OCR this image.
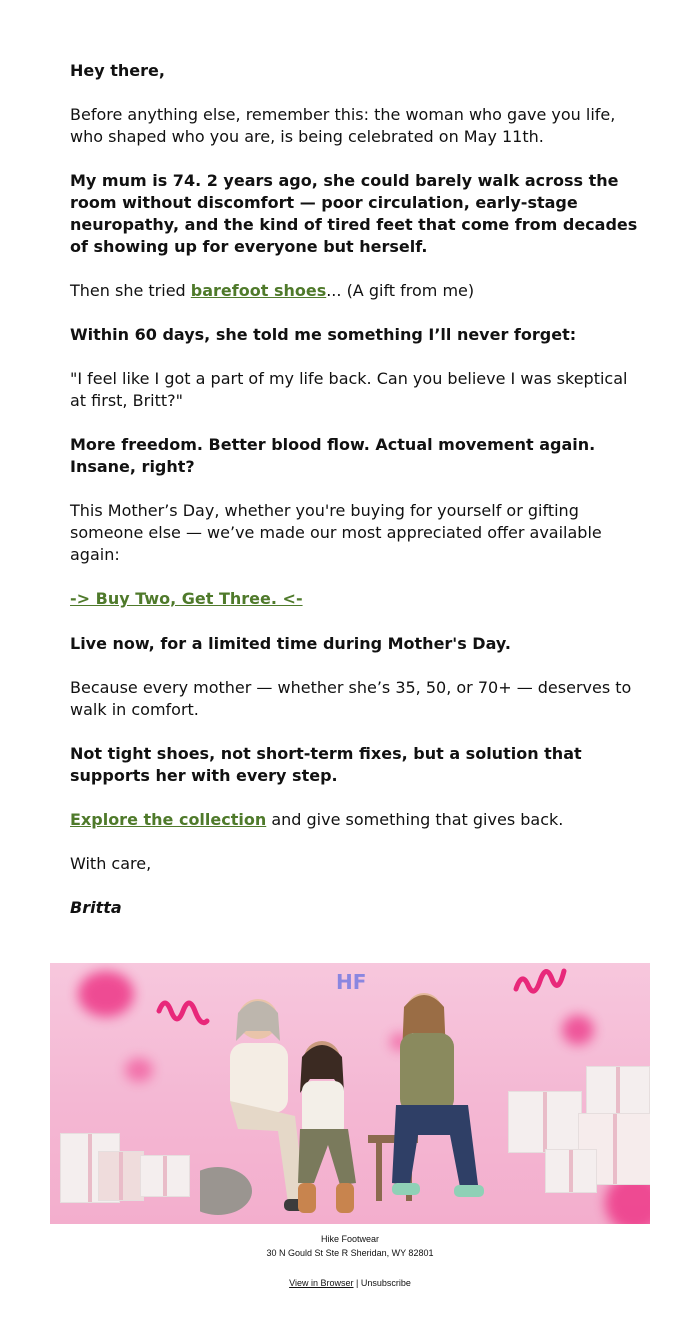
Hey there,

Before anything else, remember this: the woman who gave you life, who shaped who you are, is being celebrated on May 11th.

My mum is 74. 2 years ago, she could barely walk across the room without discomfort — poor circulation, early-stage neuropathy, and the kind of tired feet that come from decades of showing up for everyone but herself.

Then she tried barefoot shoes... (A gift from me)

Within 60 days, she told me something I’ll never forget:

"I feel like I got a part of my life back. Can you believe I was skeptical at first, Britt?"

More freedom. Better blood flow. Actual movement again.
Insane, right?

This Mother’s Day, whether you're buying for yourself or gifting someone else — we’ve made our most appreciated offer available again:

-> Buy Two, Get Three. <-

Live now, for a limited time during Mother's Day.

Because every mother — whether she’s 35, 50, or 70+ — deserves to walk in comfort.

Not tight shoes, not short-term fixes, but a solution that supports her with every step.

Explore the collection and give something that gives back.

With care,

Britta

HF
Hike Footwear
30 N Gould St Ste R Sheridan, WY 82801
View in Browser | Unsubscribe
